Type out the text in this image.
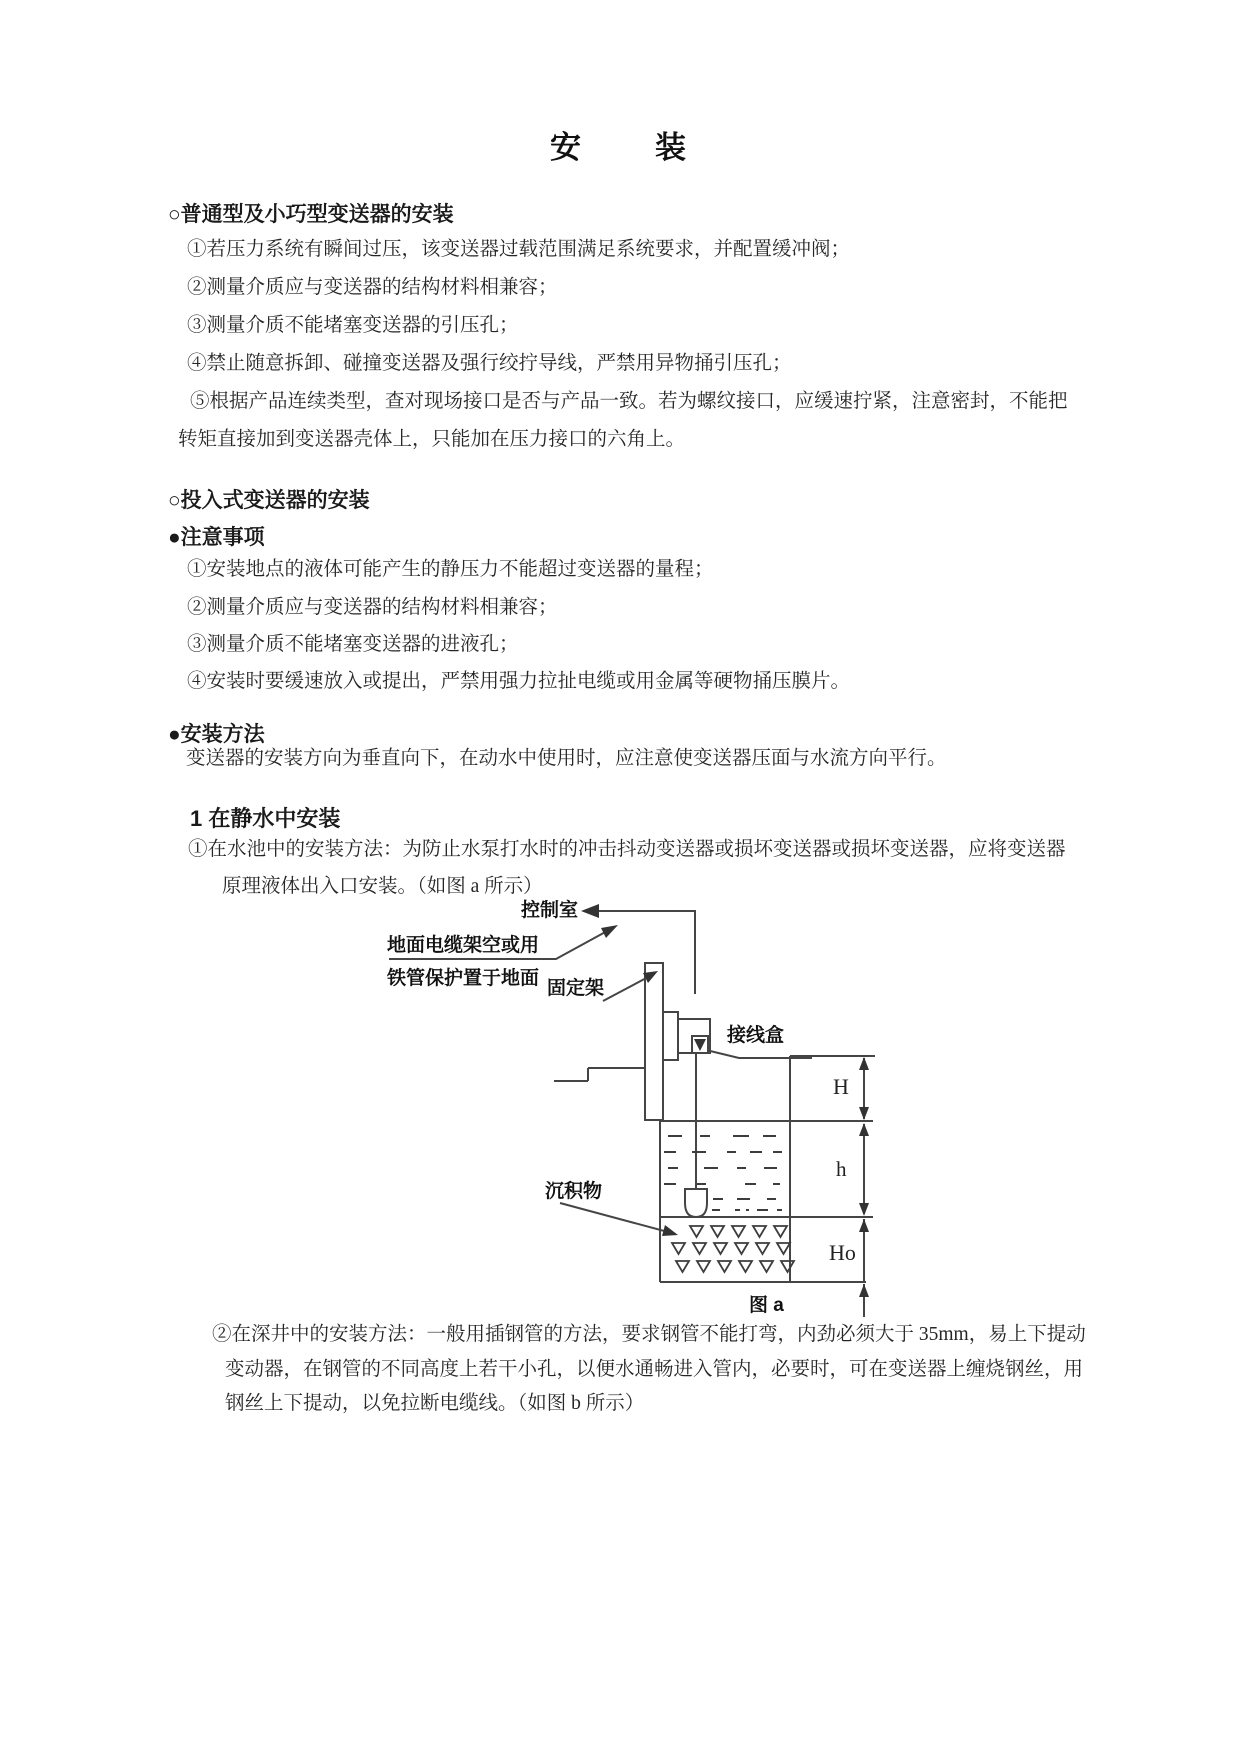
安　　装
○普通型及小巧型变送器的安装
①若压力系统有瞬间过压，该变送器过载范围满足系统要求，并配置缓冲阀；
②测量介质应与变送器的结构材料相兼容；
③测量介质不能堵塞变送器的引压孔；
④禁止随意拆卸、碰撞变送器及强行绞拧导线，严禁用异物捅引压孔；
⑤根据产品连续类型，查对现场接口是否与产品一致。若为螺纹接口，应缓速拧紧，注意密封，不能把
转矩直接加到变送器壳体上，只能加在压力接口的六角上。
○投入式变送器的安装
●注意事项
①安装地点的液体可能产生的静压力不能超过变送器的量程；
②测量介质应与变送器的结构材料相兼容；
③测量介质不能堵塞变送器的进液孔；
④安装时要缓速放入或提出，严禁用强力拉扯电缆或用金属等硬物捅压膜片。
●安装方法
变送器的安装方向为垂直向下，在动水中使用时，应注意使变送器压面与水流方向平行。
1 在静水中安装
①在水池中的安装方法：为防止水泵打水时的冲击抖动变送器或损坏变送器或损坏变送器，应将变送器
原理液体出入口安装。（如图 a 所示）
控制室
地面电缆架空或用
铁管保护置于地面 固定架
接线盒
沉积物
H
h
Ho
图 a
②在深井中的安装方法：一般用插钢管的方法，要求钢管不能打弯，内劲必须大于 35mm，易上下提动
变动器，在钢管的不同高度上若干小孔，以便水通畅进入管内，必要时，可在变送器上缠烧钢丝，用
钢丝上下提动，以免拉断电缆线。（如图 b 所示）
